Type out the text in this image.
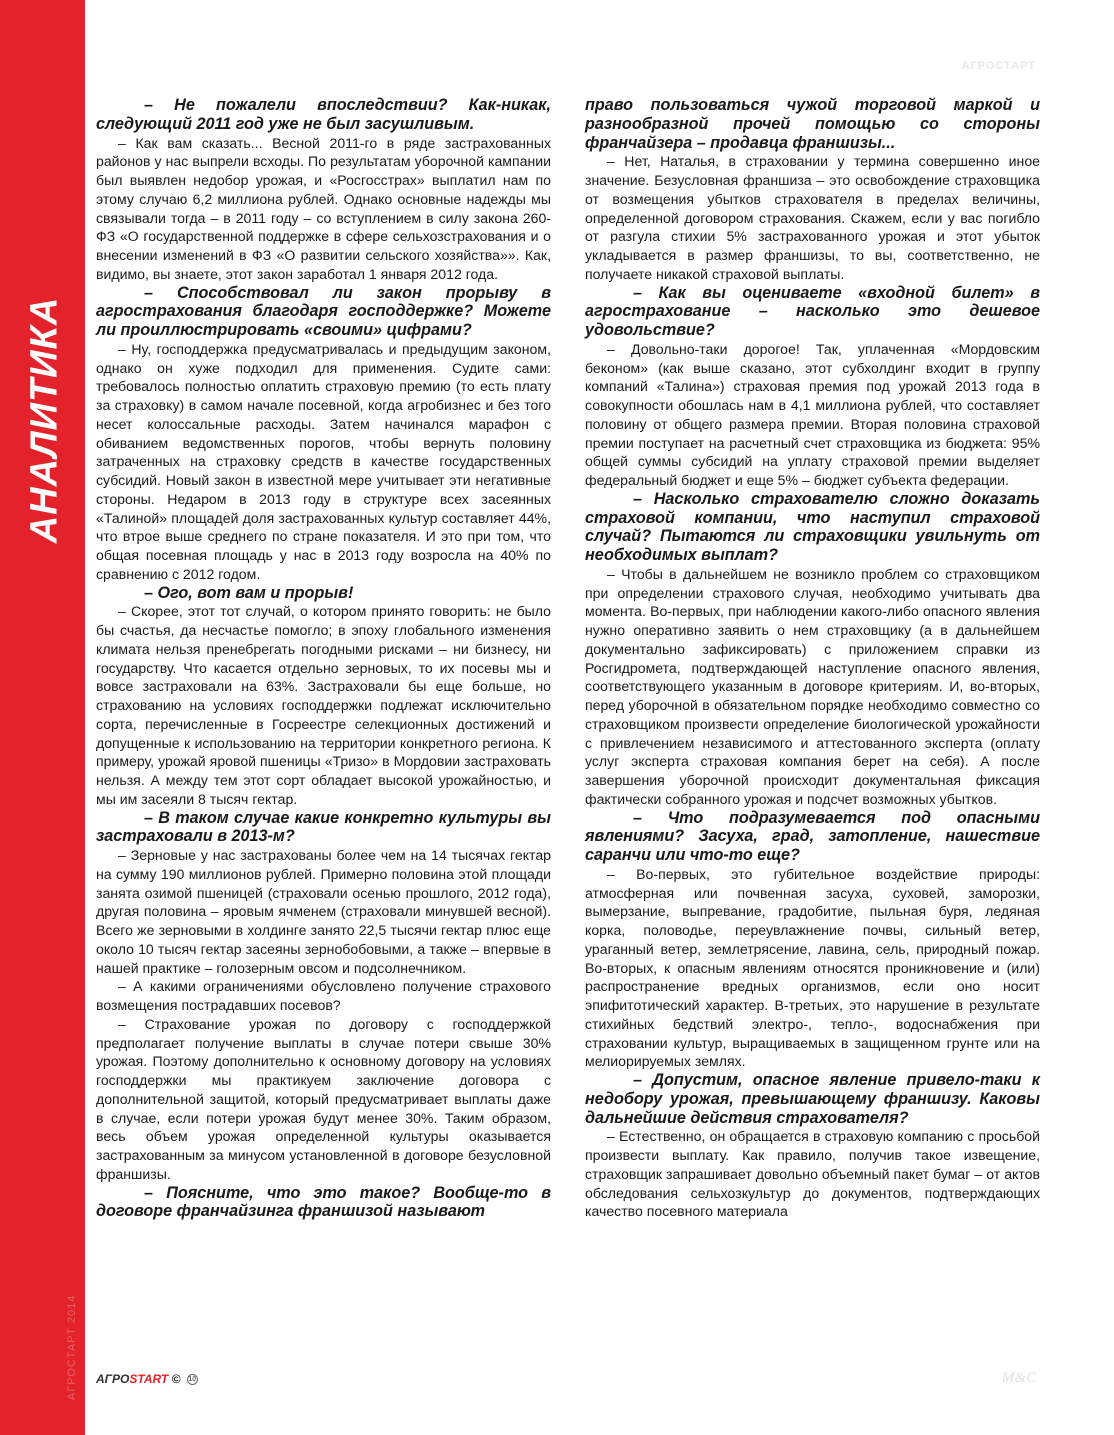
АНАЛИТИКА
АГРОСТАРТ 2014
АГРОСТАРТ

– Не пожалели впоследствии? Как-никак, следующий 2011 год уже не был засушливым.

– Как вам сказать... Весной 2011-го в ряде застрахованных районов у нас выпрели всходы. По результатам уборочной кампании был выявлен недобор урожая, и «Росгосстрах» выплатил нам по этому случаю 6,2 миллиона рублей. Однако основные надежды мы связывали тогда – в 2011 году – со вступлением в силу закона 260-ФЗ «О государственной поддержке в сфере сельхозстрахования и о внесении изменений в ФЗ «О развитии сельского хозяйства»». Как, видимо, вы знаете, этот закон заработал 1 января 2012 года.

– Способствовал ли закон прорыву в агрострахования благодаря господдержке? Можете ли проиллюстрировать «своими» цифрами?

– Ну, господдержка предусматривалась и предыдущим законом, однако он хуже подходил для применения. Судите сами: требовалось полностью оплатить страховую премию (то есть плату за страховку) в самом начале посевной, когда агробизнес и без того несет колоссальные расходы. Затем начинался марафон с обиванием ведомственных порогов, чтобы вернуть половину затраченных на страховку средств в качестве государственных субсидий. Новый закон в известной мере учитывает эти негативные стороны. Недаром в 2013 году в структуре всех засеянных «Талиной» площадей доля застрахованных культур составляет 44%, что втрое выше среднего по стране показателя. И это при том, что общая посевная площадь у нас в 2013 году возросла на 40% по сравнению с 2012 годом.

– Ого, вот вам и прорыв!

– Скорее, этот тот случай, о котором принято говорить: не было бы счастья, да несчастье помогло; в эпоху глобального изменения климата нельзя пренебрегать погодными рисками – ни бизнесу, ни государству. Что касается отдельно зерновых, то их посевы мы и вовсе застраховали на 63%. Застраховали бы еще больше, но страхованию на условиях господдержки подлежат исключительно сорта, перечисленные в Госреестре селекционных достижений и допущенные к использованию на территории конкретного региона. К примеру, урожай яровой пшеницы «Тризо» в Мордовии застраховать нельзя. А между тем этот сорт обладает высокой урожайностью, и мы им засеяли 8 тысяч гектар.

– В таком случае какие конкретно культуры вы застраховали в 2013-м?

– Зерновые у нас застрахованы более чем на 14 тысячах гектар на сумму 190 миллионов рублей. Примерно половина этой площади занята озимой пшеницей (страховали осенью прошлого, 2012 года), другая половина – яровым ячменем (страховали минувшей весной). Всего же зерновыми в холдинге занято 22,5 тысячи гектар плюс еще около 10 тысяч гектар засеяны зернобобовыми, а также – впервые в нашей практике – голозерным овсом и подсолнечником.

– А какими ограничениями обусловлено получение страхового возмещения пострадавших посевов?

– Страхование урожая по договору с господдержкой предполагает получение выплаты в случае потери свыше 30% урожая. Поэтому дополнительно к основному договору на условиях господдержки мы практикуем заключение договора с дополнительной защитой, который предусматривает выплаты даже в случае, если потери урожая будут менее 30%. Таким образом, весь объем урожая определенной культуры оказывается застрахованным за минусом установленной в договоре безусловной франшизы.

– Поясните, что это такое? Вообще-то в договоре франчайзинга франшизой называют

право пользоваться чужой торговой маркой и разнообразной прочей помощью со стороны франчайзера – продавца франшизы...

– Нет, Наталья, в страховании у термина совершенно иное значение. Безусловная франшиза – это освобождение страховщика от возмещения убытков страхователя в пределах величины, определенной договором страхования. Скажем, если у вас погибло от разгула стихии 5% застрахованного урожая и этот убыток укладывается в размер франшизы, то вы, соответственно, не получаете никакой страховой выплаты.

– Как вы оцениваете «входной билет» в агрострахование – насколько это дешевое удовольствие?

– Довольно-таки дорогое! Так, уплаченная «Мордовским беконом» (как выше сказано, этот субхолдинг входит в группу компаний «Талина») страховая премия под урожай 2013 года в совокупности обошлась нам в 4,1 миллиона рублей, что составляет половину от общего размера премии. Вторая половина страховой премии поступает на расчетный счет страховщика из бюджета: 95% общей суммы субсидий на уплату страховой премии выделяет федеральный бюджет и еще 5% – бюджет субъекта федерации.

– Насколько страхователю сложно доказать страховой компании, что наступил страховой случай? Пытаются ли страховщики увильнуть от необходимых выплат?

– Чтобы в дальнейшем не возникло проблем со страховщиком при определении страхового случая, необходимо учитывать два момента. Во-первых, при наблюдении какого-либо опасного явления нужно оперативно заявить о нем страховщику (а в дальнейшем документально зафиксировать) с приложением справки из Росгидромета, подтверждающей наступление опасного явления, соответствующего указанным в договоре критериям. И, во-вторых, перед уборочной в обязательном порядке необходимо совместно со страховщиком произвести определение биологической урожайности с привлечением независимого и аттестованного эксперта (оплату услуг эксперта страховая компания берет на себя). А после завершения уборочной происходит документальная фиксация фактически собранного урожая и подсчет возможных убытков.

– Что подразумевается под опасными явлениями? Засуха, град, затопление, нашествие саранчи или что-то еще?

– Во-первых, это губительное воздействие природы: атмосферная или почвенная засуха, суховей, заморозки, вымерзание, выпревание, градобитие, пыльная буря, ледяная корка, половодье, переувлажнение почвы, сильный ветер, ураганный ветер, землетрясение, лавина, сель, природный пожар. Во-вторых, к опасным явлениям относятся проникновение и (или) распространение вредных организмов, если оно носит эпифитотический характер. В-третьих, это нарушение в результате стихийных бедствий электро-, тепло-, водоснабжения при страховании культур, выращиваемых в защищенном грунте или на мелиорируемых землях.

– Допустим, опасное явление привело-таки к недобору урожая, превышающему франшизу. Каковы дальнейшие действия страхователя?

– Естественно, он обращается в страховую компанию с просьбой произвести выплату. Как правило, получив такое извещение, страховщик запрашивает довольно объемный пакет бумаг – от актов обследования сельхозкультур до документов, подтверждающих качество посевного материала

АГРОSTART © 10	M&C
